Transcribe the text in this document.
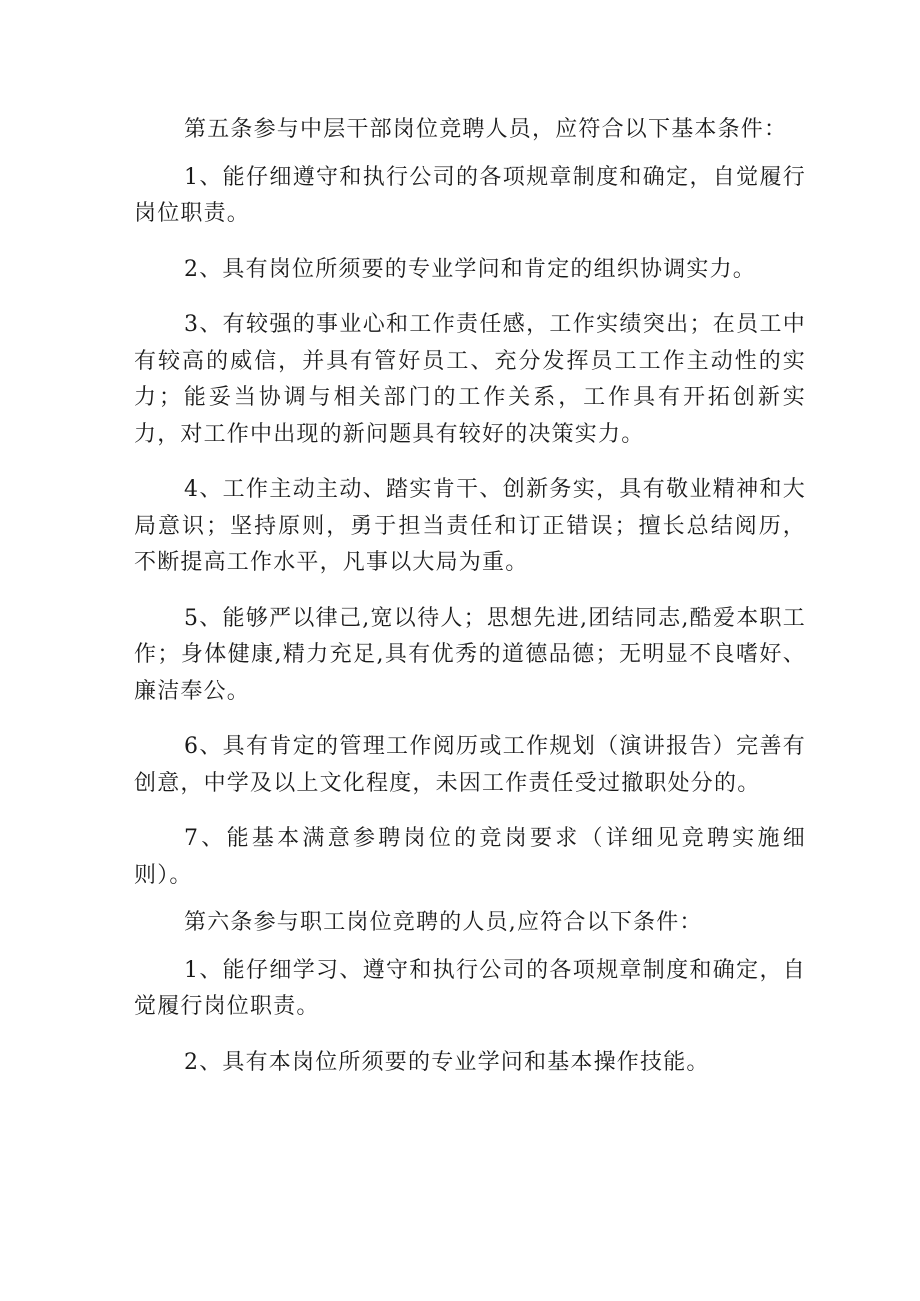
第五条参与中层干部岗位竞聘人员，应符合以下基本条件：

1、能仔细遵守和执行公司的各项规章制度和确定，自觉履行岗位职责。

2、具有岗位所须要的专业学问和肯定的组织协调实力。

3、有较强的事业心和工作责任感，工作实绩突出；在员工中有较高的威信，并具有管好员工、充分发挥员工工作主动性的实力；能妥当协调与相关部门的工作关系，工作具有开拓创新实力，对工作中出现的新问题具有较好的决策实力。

4、工作主动主动、踏实肯干、创新务实，具有敬业精神和大局意识；坚持原则，勇于担当责任和订正错误；擅长总结阅历，不断提高工作水平，凡事以大局为重。

5、能够严以律己,宽以待人；思想先进,团结同志,酷爱本职工作；身体健康,精力充足,具有优秀的道德品德；无明显不良嗜好、廉洁奉公。

6、具有肯定的管理工作阅历或工作规划（演讲报告）完善有创意，中学及以上文化程度，未因工作责任受过撤职处分的。

7、能基本满意参聘岗位的竞岗要求（详细见竞聘实施细则）。

第六条参与职工岗位竞聘的人员,应符合以下条件：

1、能仔细学习、遵守和执行公司的各项规章制度和确定，自觉履行岗位职责。

2、具有本岗位所须要的专业学问和基本操作技能。
